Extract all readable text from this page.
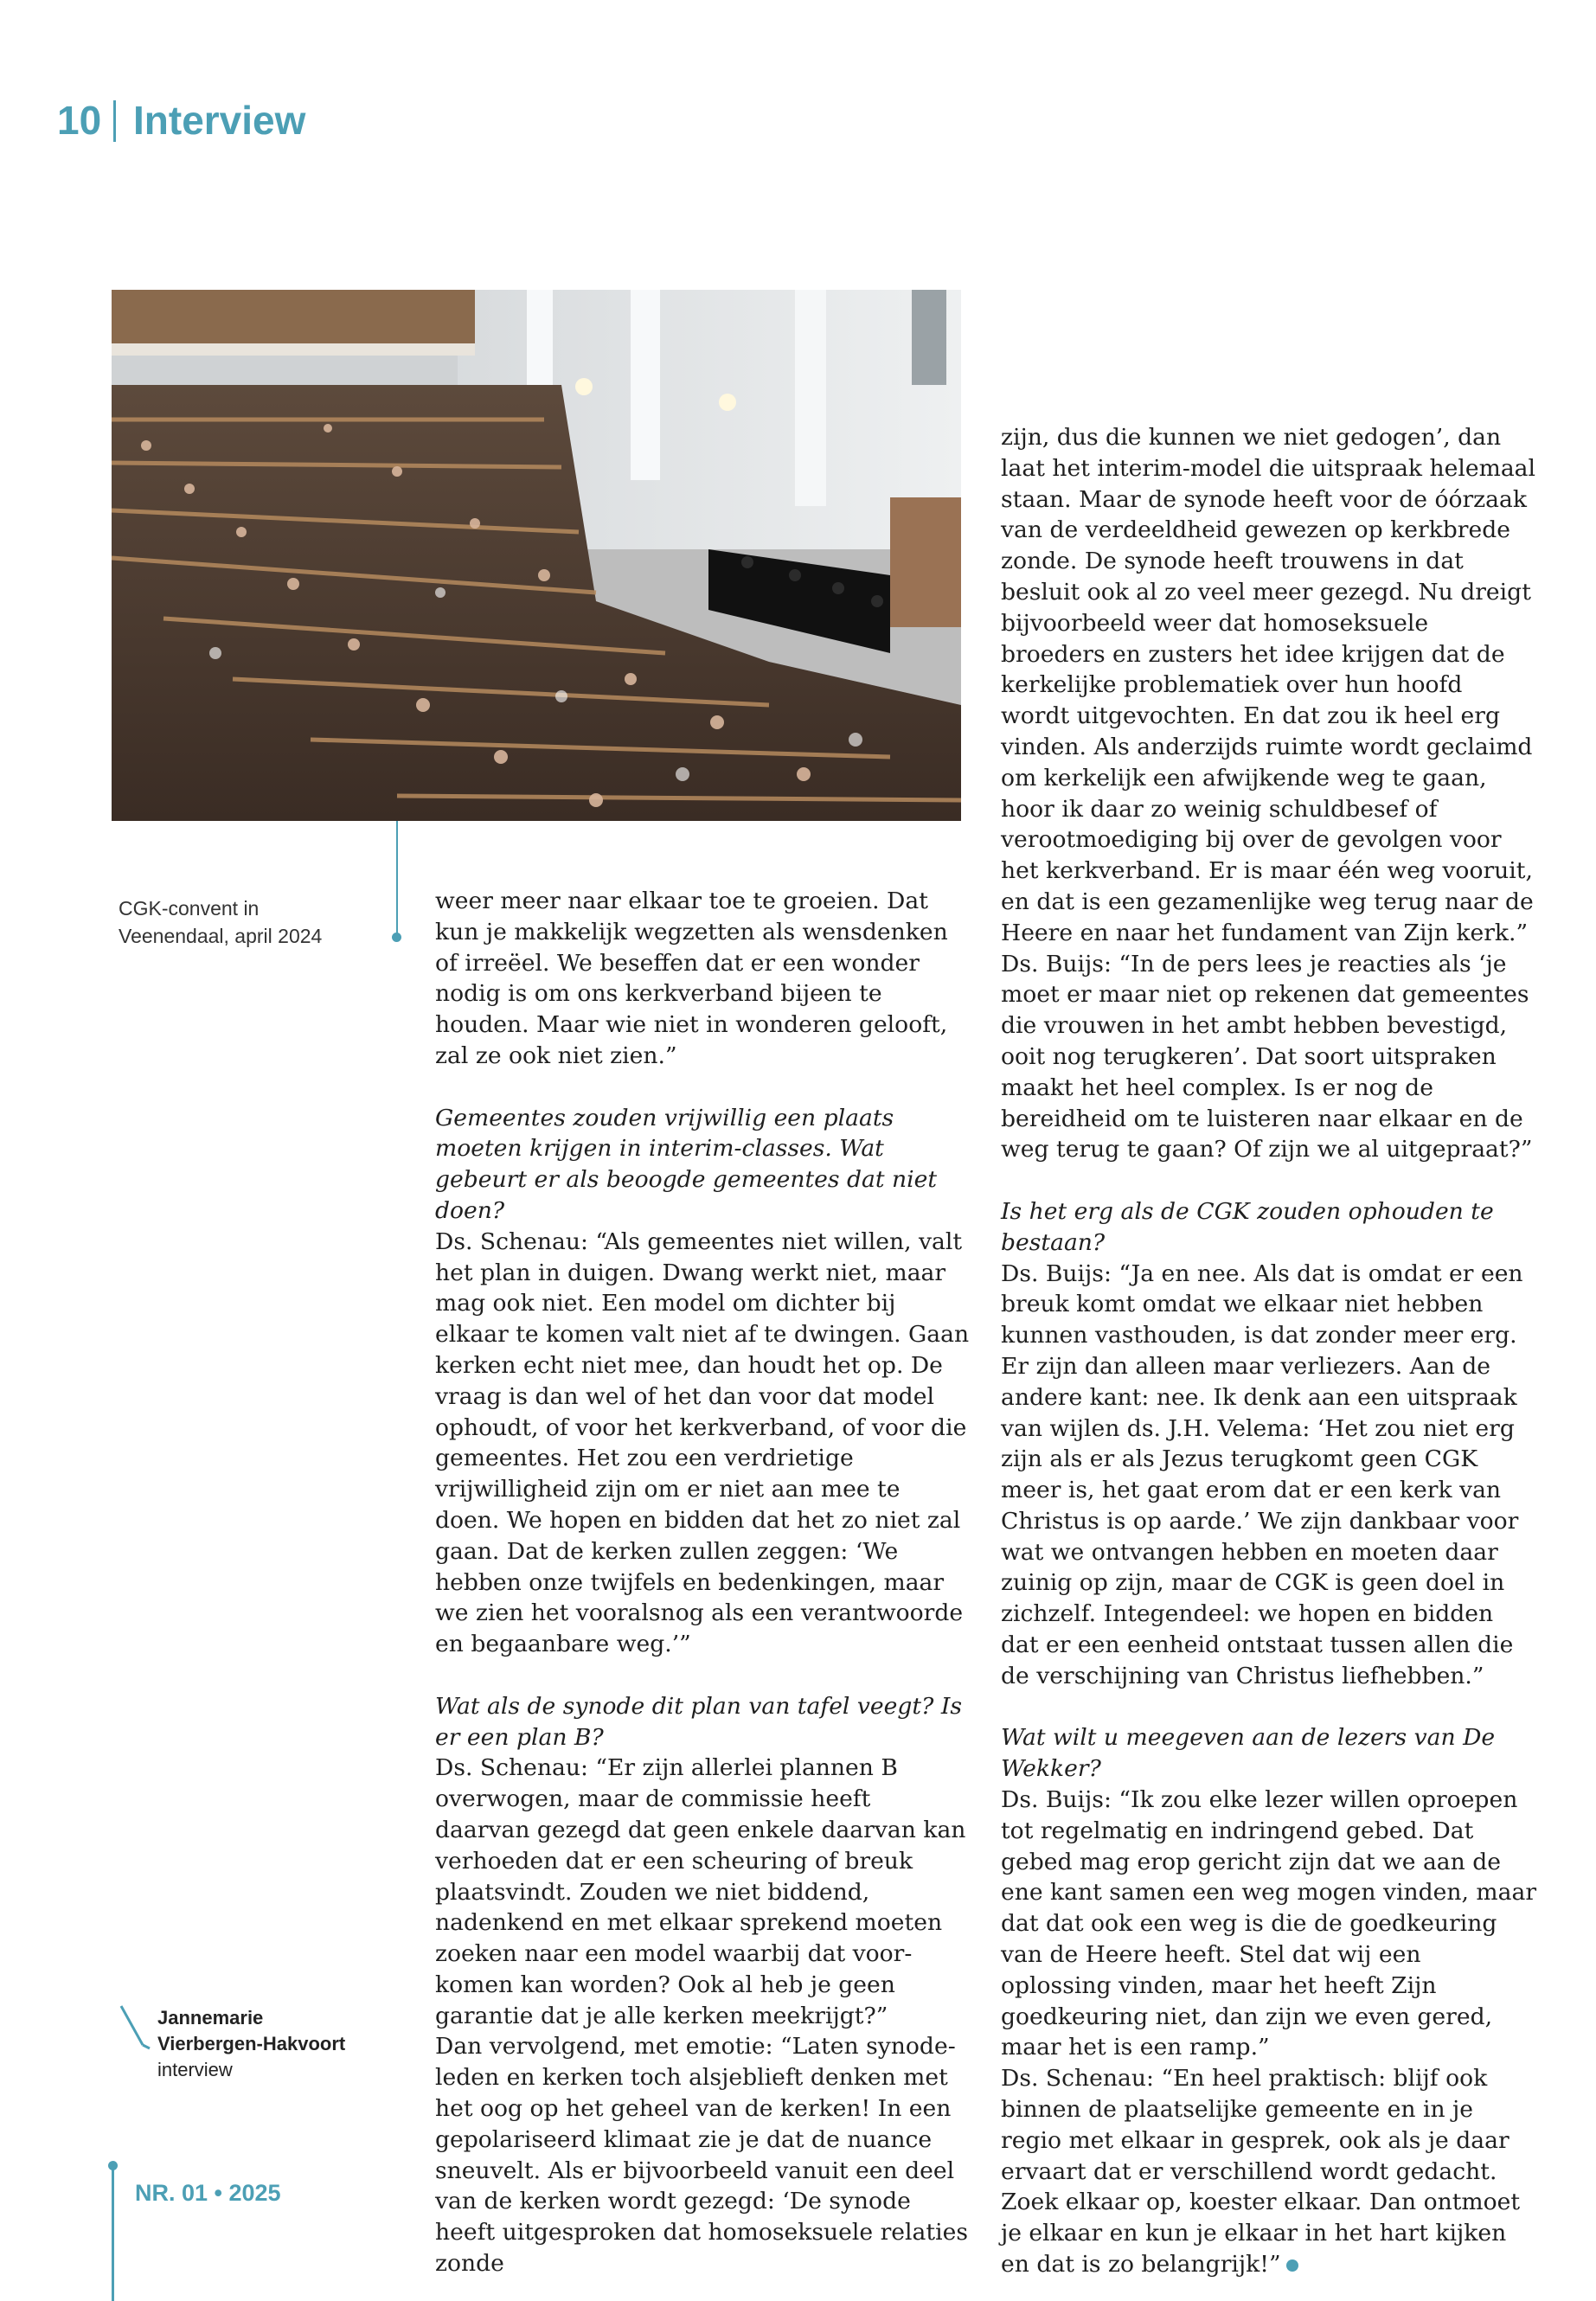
10 Interview
CGK-convent in
Veenendaal, april 2024

weer meer naar elkaar toe te groeien. Dat kun je makkelijk wegzetten als wensdenken of irreëel. We beseffen dat er een wonder nodig is om ons kerkverband bijeen te houden. Maar wie niet in wonderen gelooft, zal ze ook niet zien.”

Gemeentes zouden vrijwillig een plaats moeten krijgen in interim-classes. Wat gebeurt er als beoogde gemeentes dat niet doen?

Ds. Schenau: “Als gemeentes niet willen, valt het plan in duigen. Dwang werkt niet, maar mag ook niet. Een model om dichter bij elkaar te komen valt niet af te dwingen. Gaan kerken echt niet mee, dan houdt het op. De vraag is dan wel of het dan voor dat model ophoudt, of voor het kerkverband, of voor die gemeentes. Het zou een verdrietige vrijwilligheid zijn om er niet aan mee te doen. We hopen en bidden dat het zo niet zal gaan. Dat de kerken zullen zeggen: ‘We hebben onze twijfels en bedenkingen, maar we zien het vooralsnog als een verantwoorde en begaanbare weg.’”

Wat als de synode dit plan van tafel veegt? Is er een plan B?

Ds. Schenau: “Er zijn allerlei plannen B overwogen, maar de commissie heeft daarvan gezegd dat geen enkele daarvan kan verhoeden dat er een scheuring of breuk plaatsvindt. Zouden we niet biddend, nadenkend en met elkaar sprekend moeten zoeken naar een model waarbij dat voorkomen kan worden? Ook al heb je geen garantie dat je alle kerken meekrijgt?”

Dan vervolgend, met emotie: “Laten synodeleden en kerken toch alsjeblieft denken met het oog op het geheel van de kerken! In een gepolariseerd klimaat zie je dat de nuance sneuvelt. Als er bijvoorbeeld vanuit een deel van de kerken wordt gezegd: ‘De synode heeft uitgesproken dat homoseksuele relaties zonde

zijn, dus die kunnen we niet gedogen’, dan laat het interim-model die uitspraak helemaal staan. Maar de synode heeft voor de óórzaak van de verdeeldheid gewezen op kerkbrede zonde. De synode heeft trouwens in dat besluit ook al zo veel meer gezegd. Nu dreigt bijvoorbeeld weer dat homoseksuele broeders en zusters het idee krijgen dat de kerkelijke problematiek over hun hoofd wordt uitgevochten. En dat zou ik heel erg vinden. Als anderzijds ruimte wordt geclaimd om kerkelijk een afwijkende weg te gaan, hoor ik daar zo weinig schuldbesef of verootmoediging bij over de gevolgen voor het kerkverband. Er is maar één weg vooruit, en dat is een gezamenlijke weg terug naar de Heere en naar het fundament van Zijn kerk.”

Ds. Buijs: “In de pers lees je reacties als ‘je moet er maar niet op rekenen dat gemeentes die vrouwen in het ambt hebben bevestigd, ooit nog terugkeren’. Dat soort uitspraken maakt het heel complex. Is er nog de bereidheid om te luisteren naar elkaar en de weg terug te gaan? Of zijn we al uitgepraat?”

Is het erg als de CGK zouden ophouden te bestaan?

Ds. Buijs: “Ja en nee. Als dat is omdat er een breuk komt omdat we elkaar niet hebben kunnen vasthouden, is dat zonder meer erg. Er zijn dan alleen maar verliezers. Aan de andere kant: nee. Ik denk aan een uitspraak van wijlen ds. J.H. Velema: ‘Het zou niet erg zijn als er als Jezus terugkomt geen CGK meer is, het gaat erom dat er een kerk van Christus is op aarde.’ We zijn dankbaar voor wat we ontvangen hebben en moeten daar zuinig op zijn, maar de CGK is geen doel in zichzelf. Integendeel: we hopen en bidden dat er een eenheid ontstaat tussen allen die de verschijning van Christus liefhebben.”

Wat wilt u meegeven aan de lezers van De Wekker?

Ds. Buijs: “Ik zou elke lezer willen oproepen tot regelmatig en indringend gebed. Dat gebed mag erop gericht zijn dat we aan de ene kant samen een weg mogen vinden, maar dat dat ook een weg is die de goedkeuring van de Heere heeft. Stel dat wij een oplossing vinden, maar het heeft Zijn goedkeuring niet, dan zijn we even gered, maar het is een ramp.”

Ds. Schenau: “En heel praktisch: blijf ook binnen de plaatselijke gemeente en in je regio met elkaar in gesprek, ook als je daar ervaart dat er verschillend wordt gedacht. Zoek elkaar op, koester elkaar. Dan ontmoet je elkaar en kun je elkaar in het hart kijken en dat is zo belangrijk!”

Jannemarie
Vierbergen-Hakvoort
interview
NR. 01 • 2025
